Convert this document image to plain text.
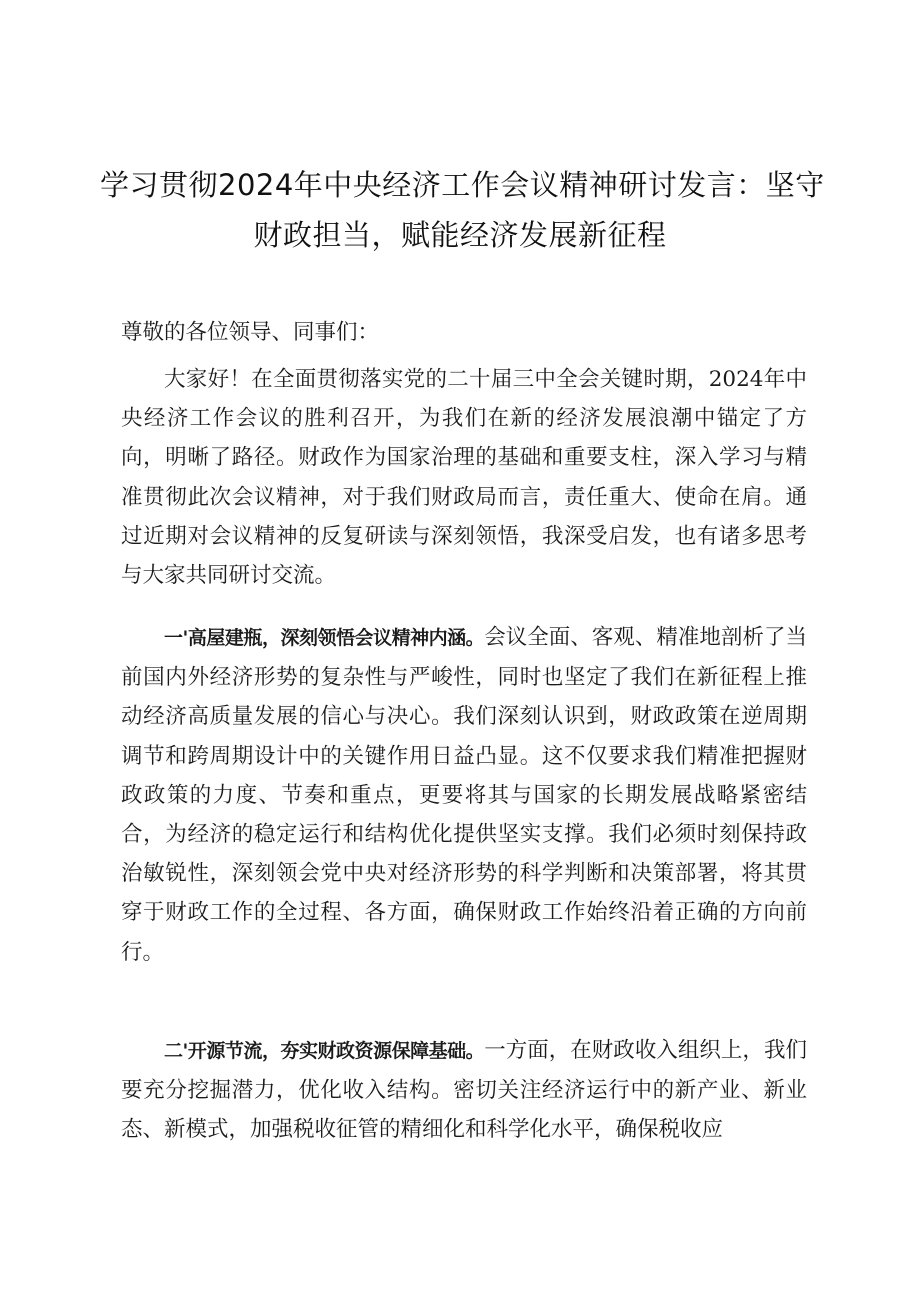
学习贯彻2024年中央经济工作会议精神研讨发言：坚守
财政担当，赋能经济发展新征程
尊敬的各位领导、同事们：

大家好！在全面贯彻落实党的二十届三中全会关键时期，2024年中央经济工作会议的胜利召开，为我们在新的经济发展浪潮中锚定了方向，明晰了路径。财政作为国家治理的基础和重要支柱，深入学习与精准贯彻此次会议精神，对于我们财政局而言，责任重大、使命在肩。通过近期对会议精神的反复研读与深刻领悟，我深受启发，也有诸多思考与大家共同研讨交流。

一'高屋建瓶，深刻领悟会议精神内涵。会议全面、客观、精准地剖析了当前国内外经济形势的复杂性与严峻性，同时也坚定了我们在新征程上推动经济高质量发展的信心与决心。我们深刻认识到，财政政策在逆周期调节和跨周期设计中的关键作用日益凸显。这不仅要求我们精准把握财政政策的力度、节奏和重点，更要将其与国家的长期发展战略紧密结合，为经济的稳定运行和结构优化提供坚实支撑。我们必须时刻保持政治敏锐性，深刻领会党中央对经济形势的科学判断和决策部署，将其贯穿于财政工作的全过程、各方面，确保财政工作始终沿着正确的方向前行。

二'开源节流，夯实财政资源保障基础。一方面，在财政收入组织上，我们要充分挖掘潜力，优化收入结构。密切关注经济运行中的新产业、新业态、新模式，加强税收征管的精细化和科学化水平，确保税收应
